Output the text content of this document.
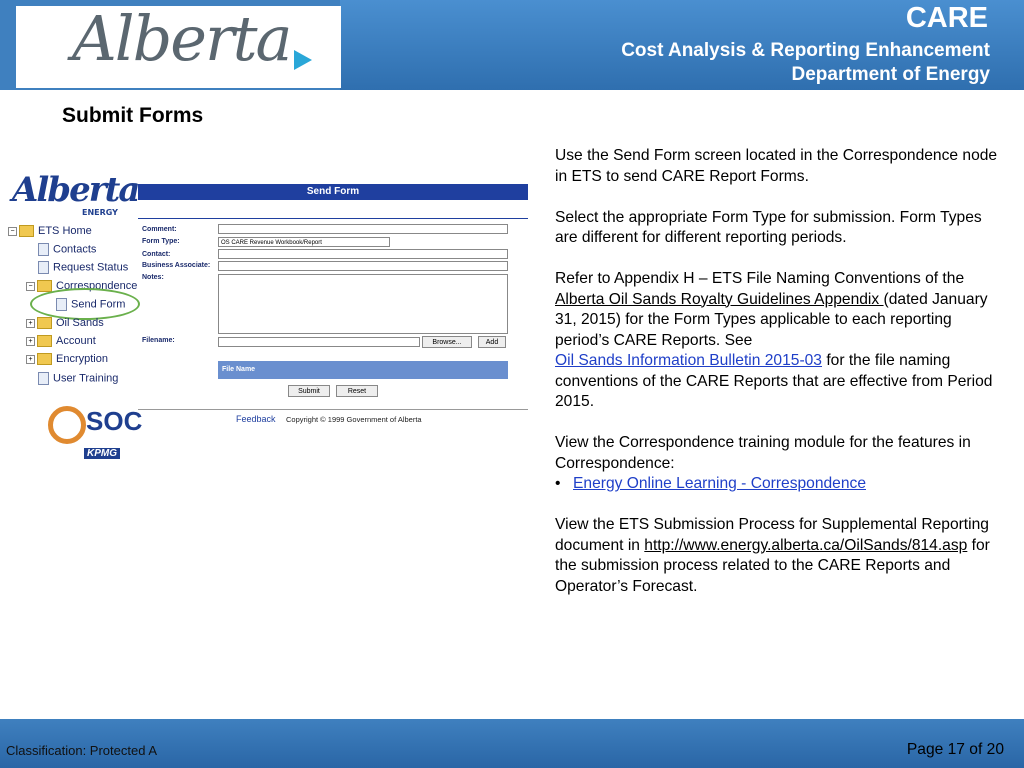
Alberta	CARE
Cost Analysis & Reporting Enhancement
Department of Energy
Submit Forms
Alberta
ENERGY
− ETS Home
Contacts
Request Status
− Correspondence
Send Form
+ Oil Sands
+ Account
+ Encryption
User Training
Send Form
Comment:
Form Type:	OS CARE Revenue Workbook/Report
Contact:
Business Associate:
Notes:
Filename:	Browse...	Add
File Name
Submit	Reset
SOC
KPMG
Feedback Copyright © 1999 Government of Alberta

Use the Send Form screen located in the Correspondence node in ETS to send CARE Report Forms.

Select the appropriate Form Type for submission. Form Types are different for different reporting periods.

Refer to Appendix H – ETS File Naming Conventions of the Alberta Oil Sands Royalty Guidelines Appendix (dated January 31, 2015) for the Form Types applicable to each reporting period’s CARE Reports. See
Oil Sands Information Bulletin 2015-03 for the file naming conventions of the CARE Reports that are effective from Period 2015.

View the Correspondence training module for the features in Correspondence:

• Energy Online Learning - Correspondence

View the ETS Submission Process for Supplemental Reporting document in http://www.energy.alberta.ca/OilSands/814.asp for the submission process related to the CARE Reports and Operator’s Forecast.

Classification: Protected A	Page 17 of 20
